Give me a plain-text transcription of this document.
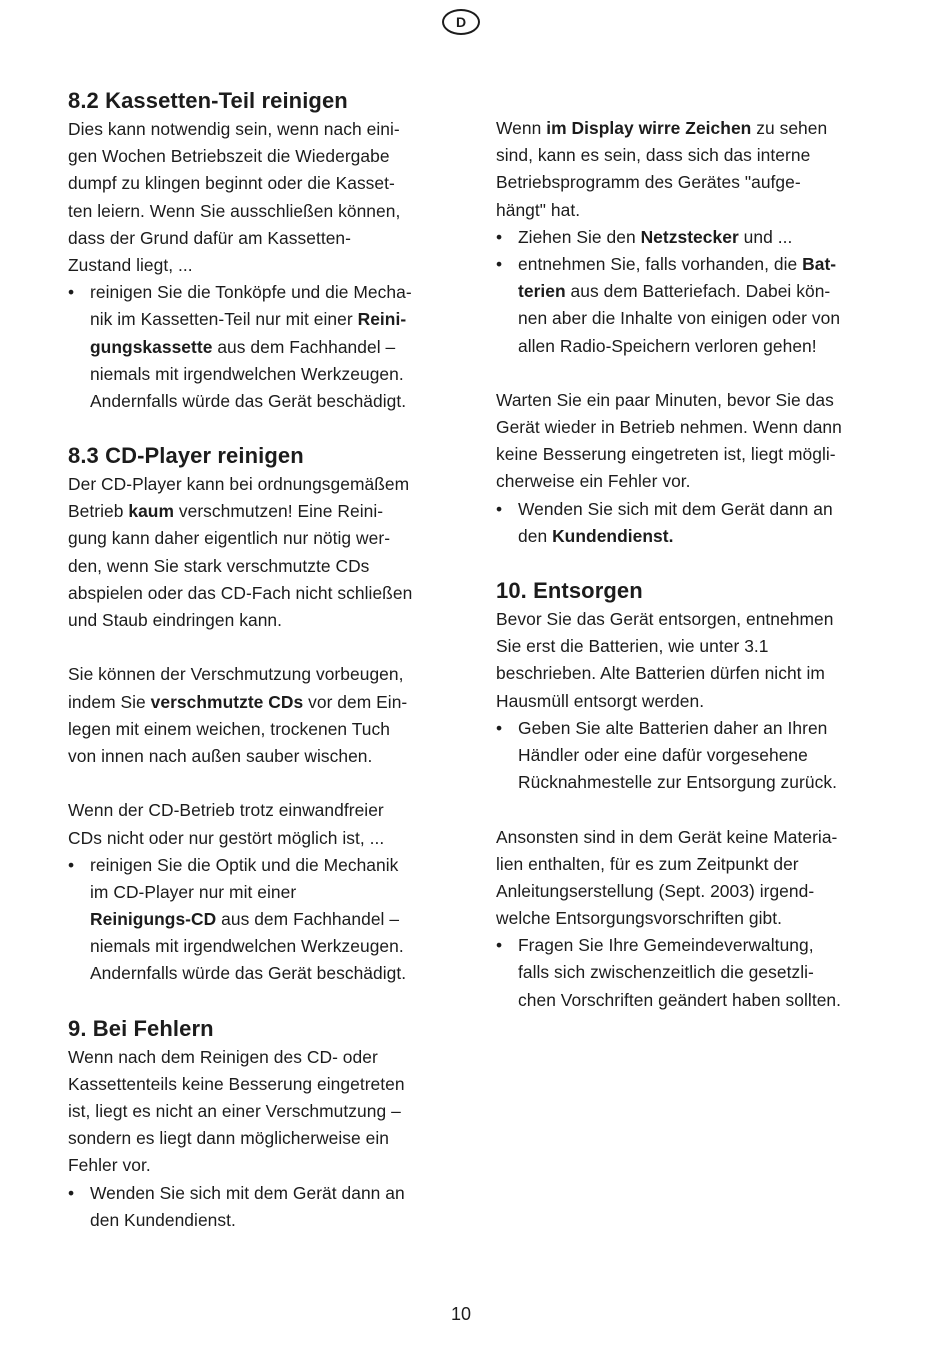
D
8.2 Kassetten-Teil reinigen
Dies kann notwendig sein, wenn nach eini-
gen Wochen Betriebszeit die Wiedergabe
dumpf zu klingen beginnt oder die Kasset-
ten leiern. Wenn Sie ausschließen können,
dass der Grund dafür am Kassetten-
Zustand liegt, ...
• reinigen Sie die Tonköpfe und die Mecha-
nik im Kassetten-Teil nur mit einer Reini-
gungskassette aus dem Fachhandel –
niemals mit irgendwelchen Werkzeugen.
Andernfalls würde das Gerät beschädigt.
8.3 CD-Player reinigen
Der CD-Player kann bei ordnungsgemäßem
Betrieb kaum verschmutzen! Eine Reini-
gung kann daher eigentlich nur nötig wer-
den, wenn Sie stark verschmutzte CDs
abspielen oder das CD-Fach nicht schließen
und Staub eindringen kann.
Sie können der Verschmutzung vorbeugen,
indem Sie verschmutzte CDs vor dem Ein-
legen mit einem weichen, trockenen Tuch
von innen nach außen sauber wischen.
Wenn der CD-Betrieb trotz einwandfreier
CDs nicht oder nur gestört möglich ist, ...
• reinigen Sie die Optik und die Mechanik
im CD-Player nur mit einer
Reinigungs-CD aus dem Fachhandel –
niemals mit irgendwelchen Werkzeugen.
Andernfalls würde das Gerät beschädigt.
9. Bei Fehlern
Wenn nach dem Reinigen des CD- oder
Kassettenteils keine Besserung eingetreten
ist, liegt es nicht an einer Verschmutzung –
sondern es liegt dann möglicherweise ein
Fehler vor.
• Wenden Sie sich mit dem Gerät dann an
den Kundendienst.
Wenn im Display wirre Zeichen zu sehen
sind, kann es sein, dass sich das interne
Betriebsprogramm des Gerätes "aufge-
hängt" hat.
• Ziehen Sie den Netzstecker und ...
• entnehmen Sie, falls vorhanden, die Bat-
terien aus dem Batteriefach. Dabei kön-
nen aber die Inhalte von einigen oder von
allen Radio-Speichern verloren gehen!
Warten Sie ein paar Minuten, bevor Sie das
Gerät wieder in Betrieb nehmen. Wenn dann
keine Besserung eingetreten ist, liegt mögli-
cherweise ein Fehler vor.
• Wenden Sie sich mit dem Gerät dann an
den Kundendienst.
10. Entsorgen
Bevor Sie das Gerät entsorgen, entnehmen
Sie erst die Batterien, wie unter 3.1
beschrieben. Alte Batterien dürfen nicht im
Hausmüll entsorgt werden.
• Geben Sie alte Batterien daher an Ihren
Händler oder eine dafür vorgesehene
Rücknahmestelle zur Entsorgung zurück.
Ansonsten sind in dem Gerät keine Materia-
lien enthalten, für es zum Zeitpunkt der
Anleitungserstellung (Sept. 2003) irgend-
welche Entsorgungsvorschriften gibt.
• Fragen Sie Ihre Gemeindeverwaltung,
falls sich zwischenzeitlich die gesetzli-
chen Vorschriften geändert haben sollten.
10
